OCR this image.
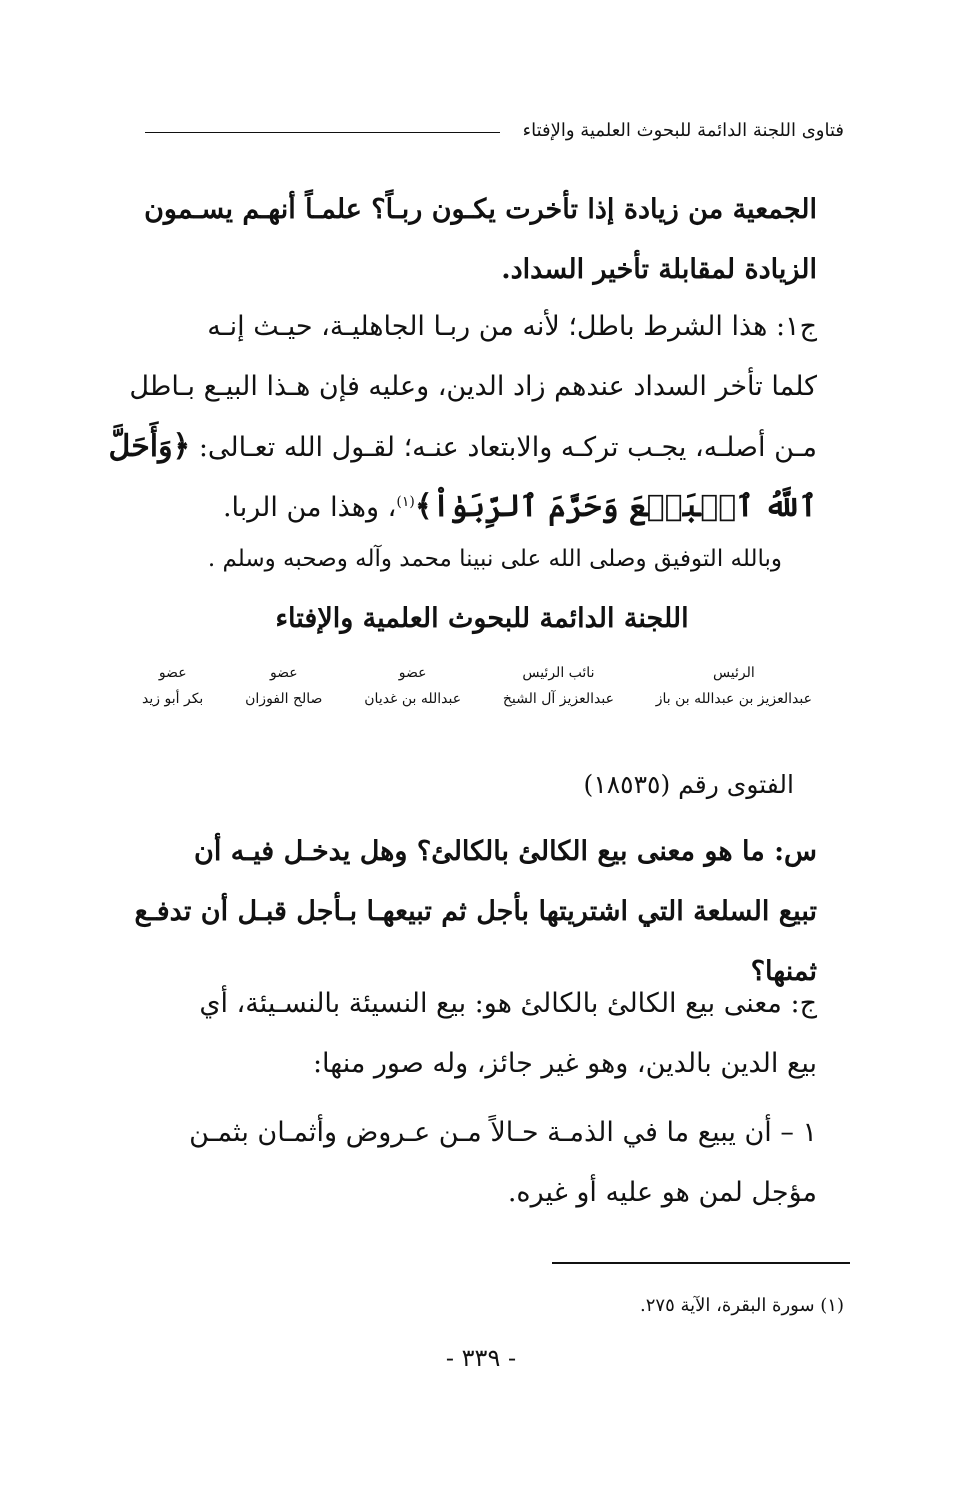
فتاوى اللجنة الدائمة للبحوث العلمية والإفتاء
الجمعية من زيادة إذا تأخرت يكـون ربـاً؟ علمـاً أنهـم يسـمون
الزيادة لمقابلة تأخير السداد.
ج١: هذا الشرط باطل؛ لأنه من ربـا الجاهليـة، حيـث إنـه
كلما تأخر السداد عندهم زاد الدين، وعليه فإن هـذا البيـع بـاطل
مـن أصلـه، يجـب تركـه والابتعاد عنـه؛ لقـول الله تعـالى: ﴿وَأَحَلَّ
ٱللَّهُ ٱلۡبَيۡعَ وَحَرَّمَ ٱلرِّبَوٰاْ﴾$^{(١)}$، وهذا من الربا.
وبالله التوفيق وصلى الله على نبينا محمد وآله وصحبه وسلم .
اللجنة الدائمة للبحوث العلمية والإفتاء
الرئيس
عبدالعزيز بن عبدالله بن باز
نائب الرئيس
عبدالعزيز آل الشيخ
عضو
عبدالله بن غديان
عضو
صالح الفوزان
عضو
بكر أبو زيد
الفتوى رقم (١٨٥٣٥)
س: ما هو معنى بيع الكالئ بالكالئ؟ وهل يدخـل فيـه أن
تبيع السلعة التي اشتريتها بأجل ثم تبيعهـا بـأجل قبـل أن تدفـع
ثمنها؟
ج: معنى بيع الكالئ بالكالئ هو: بيع النسيئة بالنسـيئة، أي
بيع الدين بالدين، وهو غير جائز، وله صور منها:
١ – أن يبيع ما في الذمـة حـالاً مـن عـروض وأثمـان بثمـن
مؤجل لمن هو عليه أو غيره.
(١) سورة البقرة، الآية ٢٧٥.
- ٣٣٩ -
